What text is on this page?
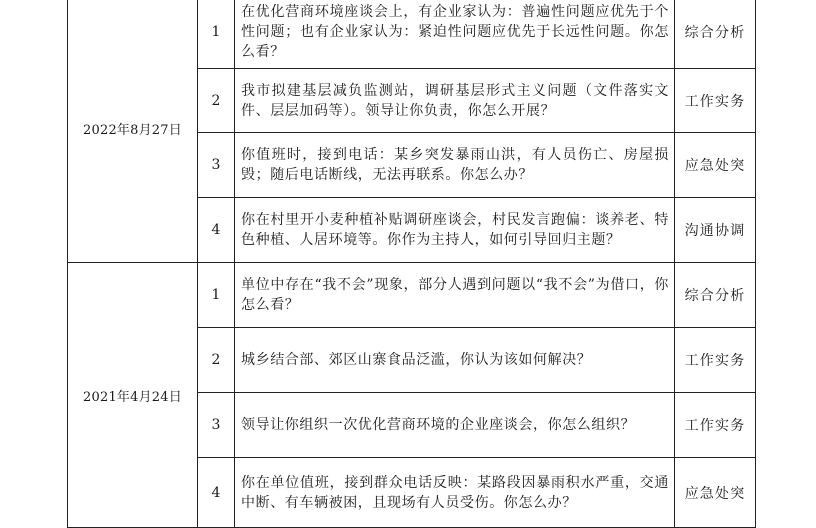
2022年8月27日	1	在优化营商环境座谈会上，有企业家认为：普遍性问题应优先于个性问题；也有企业家认为：紧迫性问题应优先于长远性问题。你怎么看？	综合分析
	2	我市拟建基层减负监测站，调研基层形式主义问题（文件落实文件、层层加码等）。领导让你负责，你怎么开展？	工作实务
	3	你值班时，接到电话：某乡突发暴雨山洪，有人员伤亡、房屋损毁；随后电话断线，无法再联系。你怎么办？	应急处突
	4	你在村里开小麦种植补贴调研座谈会，村民发言跑偏：谈养老、特色种植、人居环境等。你作为主持人，如何引导回归主题？	沟通协调
2021年4月24日	1	单位中存在“我不会”现象，部分人遇到问题以“我不会”为借口，你怎么看？	综合分析
	2	城乡结合部、郊区山寨食品泛滥，你认为该如何解决？	工作实务
	3	领导让你组织一次优化营商环境的企业座谈会，你怎么组织？	工作实务
	4	你在单位值班，接到群众电话反映：某路段因暴雨积水严重，交通中断、有车辆被困，且现场有人员受伤。你怎么办？	应急处突
